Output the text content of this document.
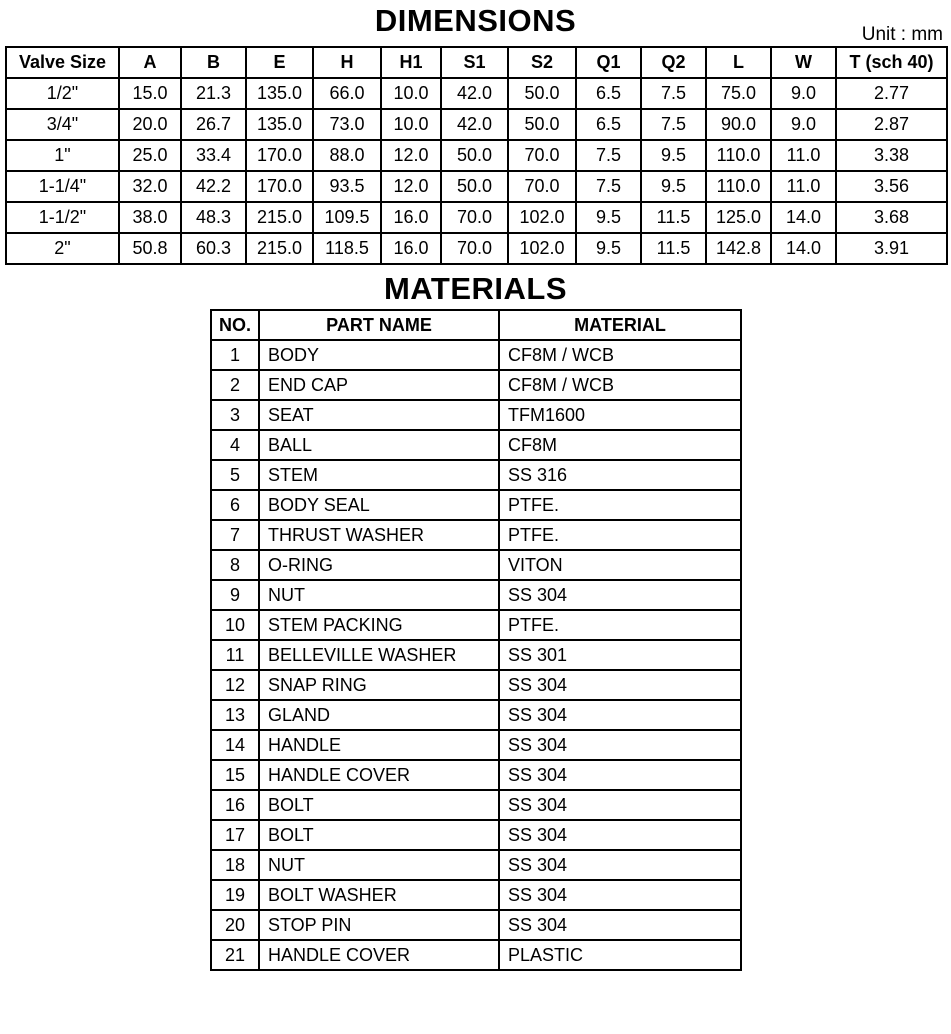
DIMENSIONS	Unit : mm
Valve Size	A	B	E	H	H1	S1	S2	Q1	Q2	L	W	T (sch 40)
1/2"	15.0	21.3	135.0	66.0	10.0	42.0	50.0	6.5	7.5	75.0	9.0	2.77
3/4"	20.0	26.7	135.0	73.0	10.0	42.0	50.0	6.5	7.5	90.0	9.0	2.87
1"	25.0	33.4	170.0	88.0	12.0	50.0	70.0	7.5	9.5	110.0	11.0	3.38
1-1/4"	32.0	42.2	170.0	93.5	12.0	50.0	70.0	7.5	9.5	110.0	11.0	3.56
1-1/2"	38.0	48.3	215.0	109.5	16.0	70.0	102.0	9.5	11.5	125.0	14.0	3.68
2"	50.8	60.3	215.0	118.5	16.0	70.0	102.0	9.5	11.5	142.8	14.0	3.91
MATERIALS
NO.	PART NAME	MATERIAL
1	BODY	CF8M / WCB
2	END CAP	CF8M / WCB
3	SEAT	TFM1600
4	BALL	CF8M
5	STEM	SS 316
6	BODY SEAL	PTFE.
7	THRUST WASHER	PTFE.
8	O-RING	VITON
9	NUT	SS 304
10	STEM PACKING	PTFE.
11	BELLEVILLE WASHER	SS 301
12	SNAP RING	SS 304
13	GLAND	SS 304
14	HANDLE	SS 304
15	HANDLE COVER	SS 304
16	BOLT	SS 304
17	BOLT	SS 304
18	NUT	SS 304
19	BOLT WASHER	SS 304
20	STOP PIN	SS 304
21	HANDLE COVER	PLASTIC
